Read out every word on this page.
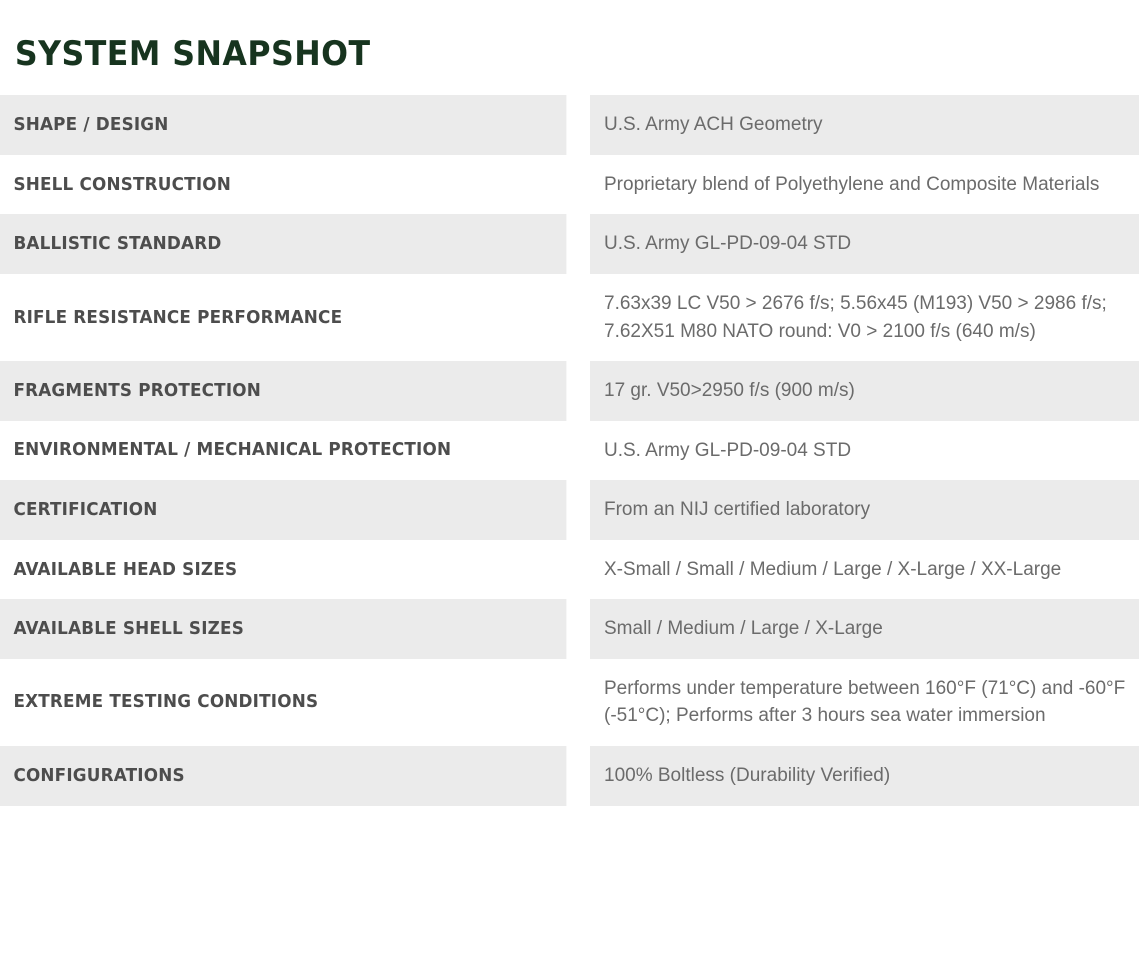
SYSTEM SNAPSHOT
SHAPE / DESIGN	U.S. Army ACH Geometry
SHELL CONSTRUCTION	Proprietary blend of Polyethylene and Composite Materials
BALLISTIC STANDARD	U.S. Army GL-PD-09-04 STD
RIFLE RESISTANCE PERFORMANCE	7.63x39 LC V50 > 2676 f/s; 5.56x45 (M193) V50 > 2986 f/s; 7.62X51 M80 NATO round: V0 > 2100 f/s (640 m/s)
FRAGMENTS PROTECTION	17 gr. V50>2950 f/s (900 m/s)
ENVIRONMENTAL / MECHANICAL PROTECTION	U.S. Army GL-PD-09-04 STD
CERTIFICATION	From an NIJ certified laboratory
AVAILABLE HEAD SIZES	X-Small / Small / Medium / Large / X-Large / XX-Large
AVAILABLE SHELL SIZES	Small / Medium / Large / X-Large
EXTREME TESTING CONDITIONS	Performs under temperature between 160°F (71°C) and -60°F (-51°C); Performs after 3 hours sea water immersion
CONFIGURATIONS	100% Boltless (Durability Verified)
